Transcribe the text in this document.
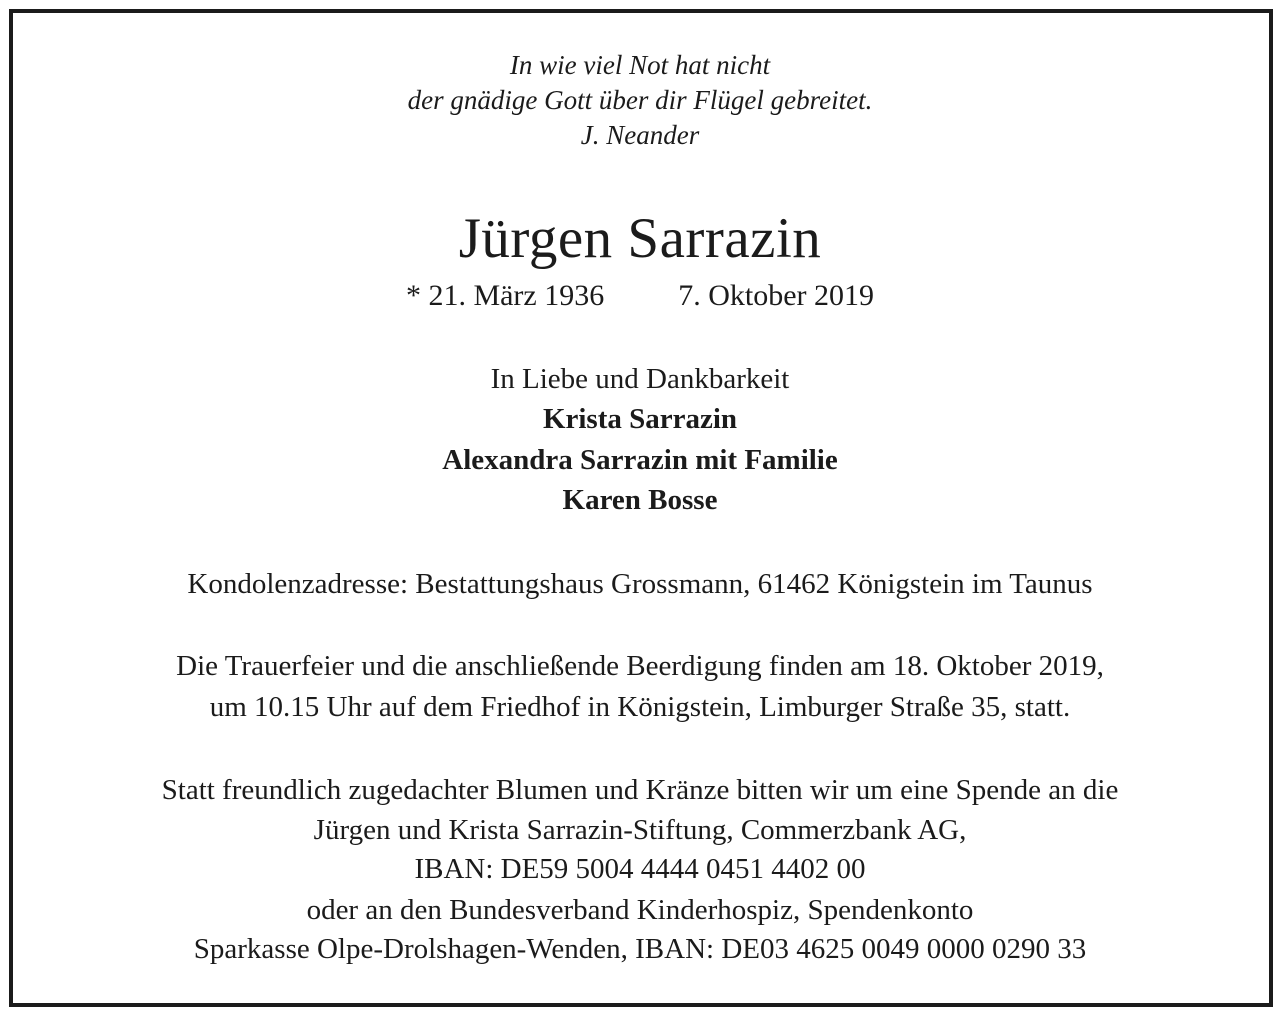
In wie viel Not hat nicht
der gnädige Gott über dir Flügel gebreitet.
J. Neander
Jürgen Sarrazin
* 21. März 1936 7. Oktober 2019
In Liebe und Dankbarkeit
Krista Sarrazin
Alexandra Sarrazin mit Familie
Karen Bosse
Kondolenzadresse: Bestattungshaus Grossmann, 61462 Königstein im Taunus
Die Trauerfeier und die anschließende Beerdigung finden am 18. Oktober 2019,
um 10.15 Uhr auf dem Friedhof in Königstein, Limburger Straße 35, statt.
Statt freundlich zugedachter Blumen und Kränze bitten wir um eine Spende an die
Jürgen und Krista Sarrazin-Stiftung, Commerzbank AG,
IBAN: DE59 5004 4444 0451 4402 00
oder an den Bundesverband Kinderhospiz, Spendenkonto
Sparkasse Olpe-Drolshagen-Wenden, IBAN: DE03 4625 0049 0000 0290 33
